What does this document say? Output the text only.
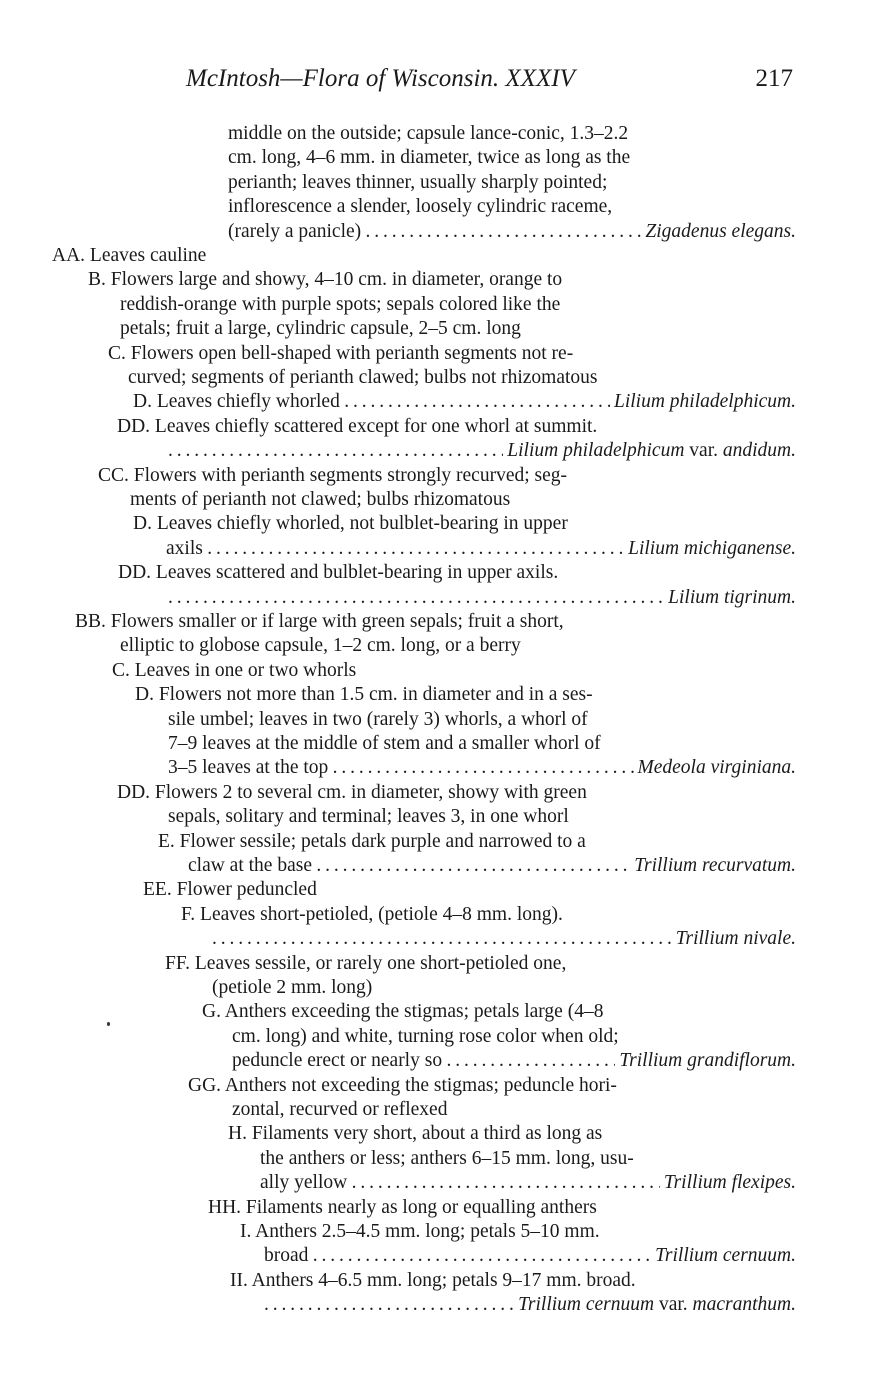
McIntosh—Flora of Wisconsin. XXXIV	217
middle on the outside; capsule lance-conic, 1.3–2.2
cm. long, 4–6 mm. in diameter, twice as long as the
perianth; leaves thinner, usually sharply pointed;
inflorescence a slender, loosely cylindric raceme,
Zigadenus elegans.
(rarely a panicle) . . .
AA. Leaves cauline
B. Flowers large and showy, 4–10 cm. in diameter, orange to
reddish-orange with purple spots; sepals colored like the
petals; fruit a large, cylindric capsule, 2–5 cm. long
C. Flowers open bell-shaped with perianth segments not re-
curved; segments of perianth clawed; bulbs not rhizomatous
Lilium philadelphicum.
D. Leaves chiefly whorled . . .
DD. Leaves chiefly scattered except for one whorl at summit.
Lilium philadelphicum var. andidum.
. . .
CC. Flowers with perianth segments strongly recurved; seg-
ments of perianth not clawed; bulbs rhizomatous
D. Leaves chiefly whorled, not bulblet-bearing in upper
Lilium michiganense.
axils . . .
DD. Leaves scattered and bulblet-bearing in upper axils.
Lilium tigrinum.
. . .
BB. Flowers smaller or if large with green sepals; fruit a short,
elliptic to globose capsule, 1–2 cm. long, or a berry
C. Leaves in one or two whorls
D. Flowers not more than 1.5 cm. in diameter and in a ses-
sile umbel; leaves in two (rarely 3) whorls, a whorl of
7–9 leaves at the middle of stem and a smaller whorl of
Medeola virginiana.
3–5 leaves at the top . . .
DD. Flowers 2 to several cm. in diameter, showy with green
sepals, solitary and terminal; leaves 3, in one whorl
E. Flower sessile; petals dark purple and narrowed to a
Trillium recurvatum.
claw at the base . . .
EE. Flower peduncled
F. Leaves short-petioled, (petiole 4–8 mm. long).
Trillium nivale.
. . .
FF. Leaves sessile, or rarely one short-petioled one,
(petiole 2 mm. long)
G. Anthers exceeding the stigmas; petals large (4–8
cm. long) and white, turning rose color when old;
Trillium grandiflorum.
peduncle erect or nearly so . . .
GG. Anthers not exceeding the stigmas; peduncle hori-
zontal, recurved or reflexed
H. Filaments very short, about a third as long as
the anthers or less; anthers 6–15 mm. long, usu-
Trillium flexipes.
ally yellow . . .
HH. Filaments nearly as long or equalling anthers
I. Anthers 2.5–4.5 mm. long; petals 5–10 mm.
Trillium cernuum.
broad . . .
II. Anthers 4–6.5 mm. long; petals 9–17 mm. broad.
Trillium cernuum var. macranthum.
. . .
